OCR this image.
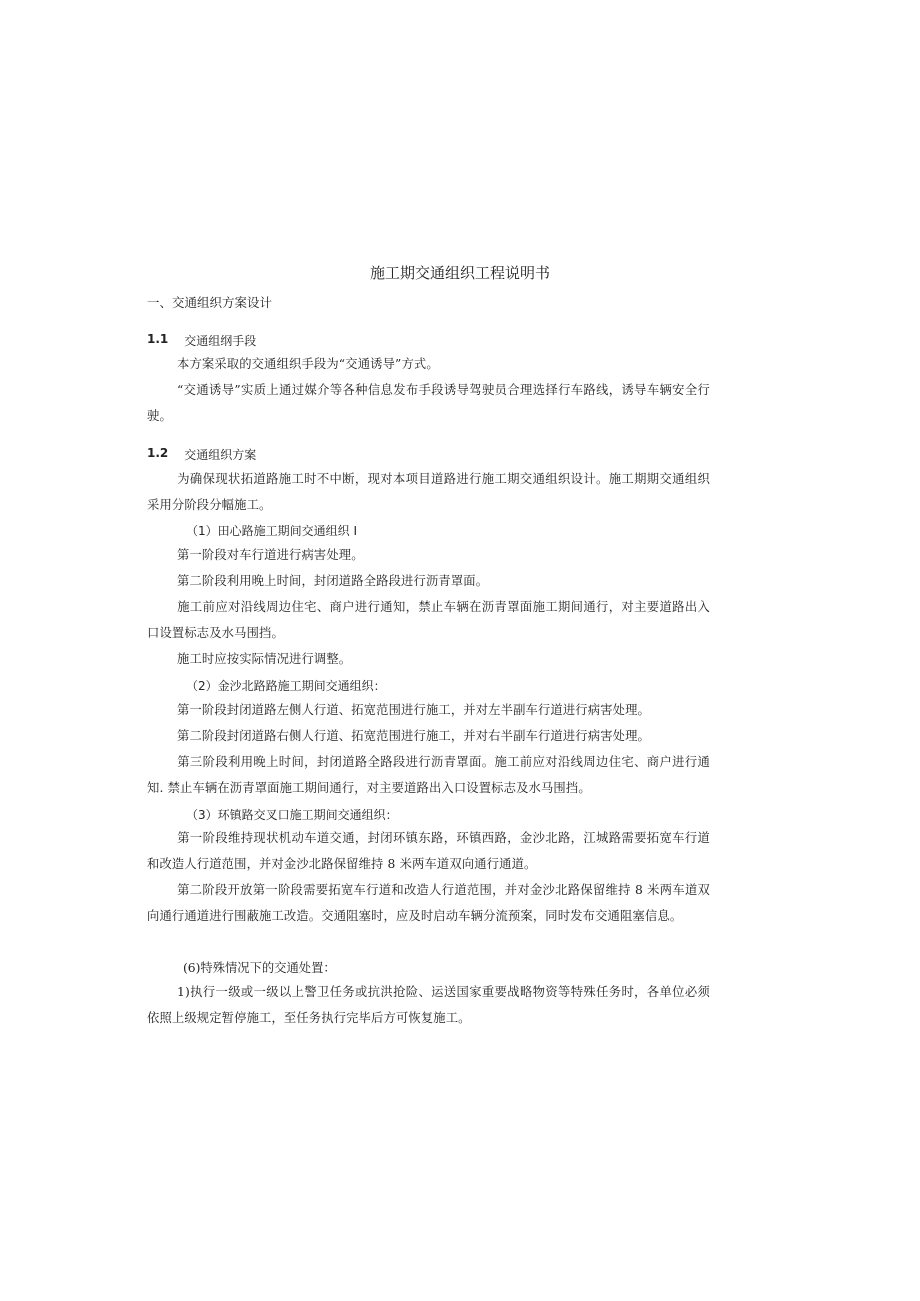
施工期交通组织工程说明书
一、交通组织方案设计
1.1 交通组纲手段
本方案采取的交通组织手段为“交通诱导”方式。
“交通诱导”实质上通过媒介等各种信息发布手段诱导驾驶员合理选择行车路线，诱导车辆安全行驶。
1.2 交通组织方案
为确保现状拓道路施工时不中断，现对本项目道路进行施工期交通组织设计。施工期期交通组织采用分阶段分幅施工。
（1）田心路施工期间交通组织 I
第一阶段对车行道进行病害处理。
第二阶段利用晚上时间，封闭道路全路段进行沥青罩面。
施工前应对沿线周边住宅、商户进行通知，禁止车辆在沥青罩面施工期间通行，对主要道路出入口设置标志及水马围挡。
施工时应按实际情况进行调整。
（2）金沙北路路施工期间交通组织：
第一阶段封闭道路左侧人行道、拓宽范围进行施工，并对左半副车行道进行病害处理。
第二阶段封闭道路右侧人行道、拓宽范围进行施工，并对右半副车行道进行病害处理。
第三阶段利用晚上时间，封闭道路全路段进行沥青罩面。施工前应对沿线周边住宅、商户进行通知. 禁止车辆在沥青罩面施工期间通行，对主要道路出入口设置标志及水马围挡。
（3）环镇路交叉口施工期间交通组织：
第一阶段维持现状机动车道交通，封闭环镇东路，环镇西路，金沙北路，江城路需要拓宽车行道和改造人行道范围，并对金沙北路保留维持 8 米两车道双向通行通道。
第二阶段开放第一阶段需要拓宽车行道和改造人行道范围，并对金沙北路保留维持 8 米两车道双向通行通道进行围蔽施工改造。交通阻塞时，应及时启动车辆分流预案，同时发布交通阻塞信息。
(6)特殊情况下的交通处置：
1)执行一级或一级以上警卫任务或抗洪抢险、运送国家重要战略物资等特殊任务时，各单位必须依照上级规定暂停施工，至任务执行完毕后方可恢复施工。
